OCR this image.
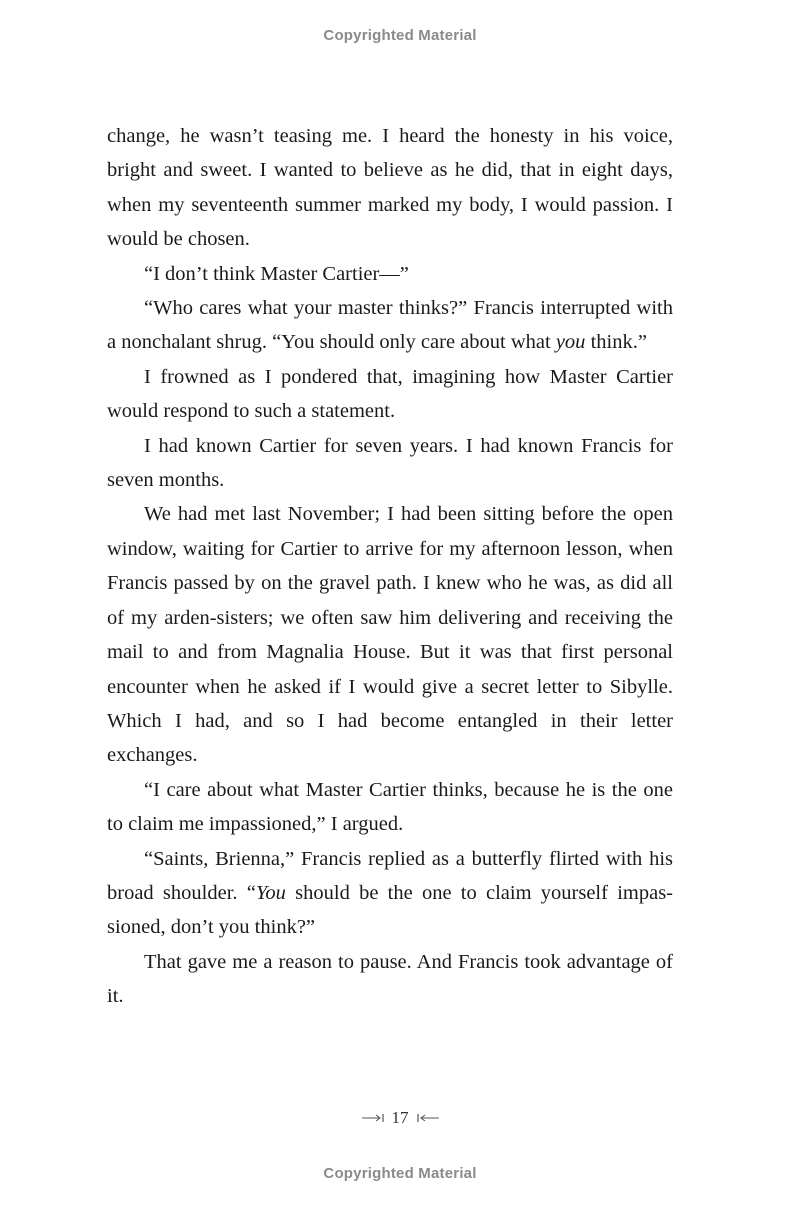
Copyrighted Material

change, he wasn’t teasing me. I heard the honesty in his voice, bright and sweet. I wanted to believe as he did, that in eight days, when my seventeenth summer marked my body, I would passion. I would be chosen.

“I don’t think Master Cartier—”

“Who cares what your master thinks?” Francis interrupted with a nonchalant shrug. “You should only care about what you think.”

I frowned as I pondered that, imagining how Master Cartier would respond to such a statement.

I had known Cartier for seven years. I had known Francis for seven months.

We had met last November; I had been sitting before the open window, waiting for Cartier to arrive for my afternoon lesson, when Francis passed by on the gravel path. I knew who he was, as did all of my arden-sisters; we often saw him delivering and receiving the mail to and from Magnalia House. But it was that first personal encounter when he asked if I would give a secret letter to Sibylle. Which I had, and so I had become entangled in their letter exchanges.

“I care about what Master Cartier thinks, because he is the one to claim me impassioned,” I argued.

“Saints, Brienna,” Francis replied as a butterfly flirted with his broad shoulder. “You should be the one to claim yourself impassioned, don’t you think?”

That gave me a reason to pause. And Francis took advantage of it.

17
Copyrighted Material
